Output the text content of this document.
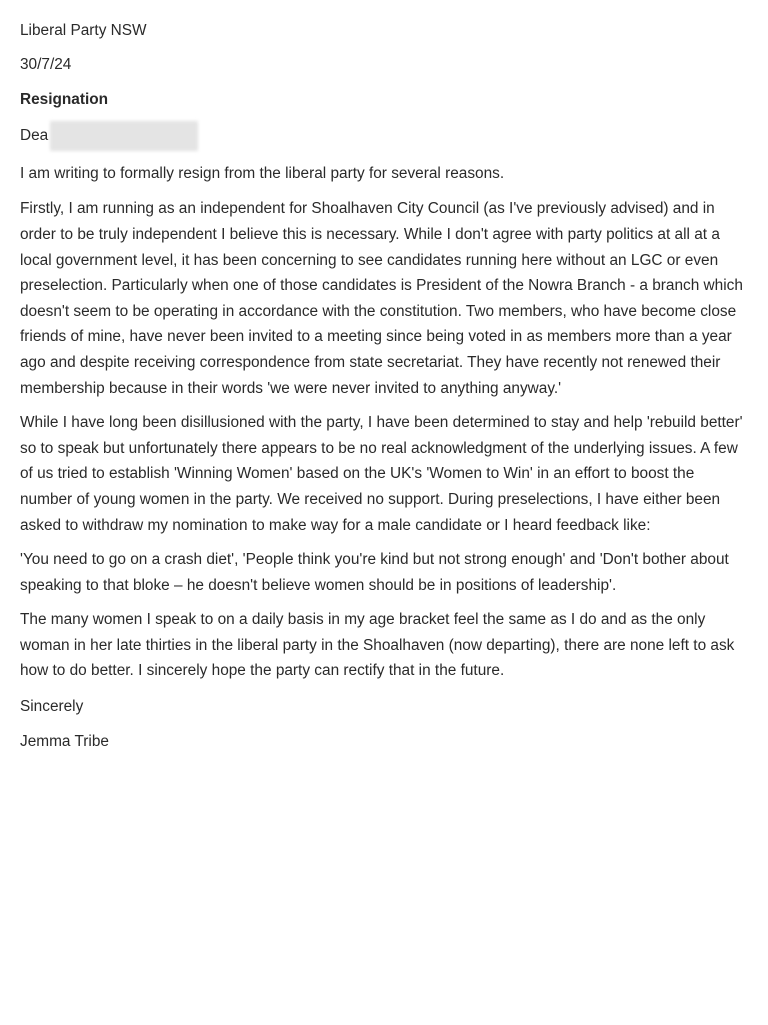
Liberal Party NSW

30/7/24

Resignation

Dea

I am writing to formally resign from the liberal party for several reasons.

Firstly, I am running as an independent for Shoalhaven City Council (as I've previously advised) and in order to be truly independent I believe this is necessary. While I don't agree with party politics at all at a local government level, it has been concerning to see candidates running here without an LGC or even preselection. Particularly when one of those candidates is President of the Nowra Branch - a branch which doesn't seem to be operating in accordance with the constitution. Two members, who have become close friends of mine, have never been invited to a meeting since being voted in as members more than a year ago and despite receiving correspondence from state secretariat. They have recently not renewed their membership because in their words 'we were never invited to anything anyway.'

While I have long been disillusioned with the party, I have been determined to stay and help 'rebuild better' so to speak but unfortunately there appears to be no real acknowledgment of the underlying issues. A few of us tried to establish 'Winning Women' based on the UK's 'Women to Win' in an effort to boost the number of young women in the party. We received no support. During preselections, I have either been asked to withdraw my nomination to make way for a male candidate or I heard feedback like:

'You need to go on a crash diet', 'People think you're kind but not strong enough' and 'Don't bother about speaking to that bloke – he doesn't believe women should be in positions of leadership'.

The many women I speak to on a daily basis in my age bracket feel the same as I do and as the only woman in her late thirties in the liberal party in the Shoalhaven (now departing), there are none left to ask how to do better. I sincerely hope the party can rectify that in the future.

Sincerely

Jemma Tribe
